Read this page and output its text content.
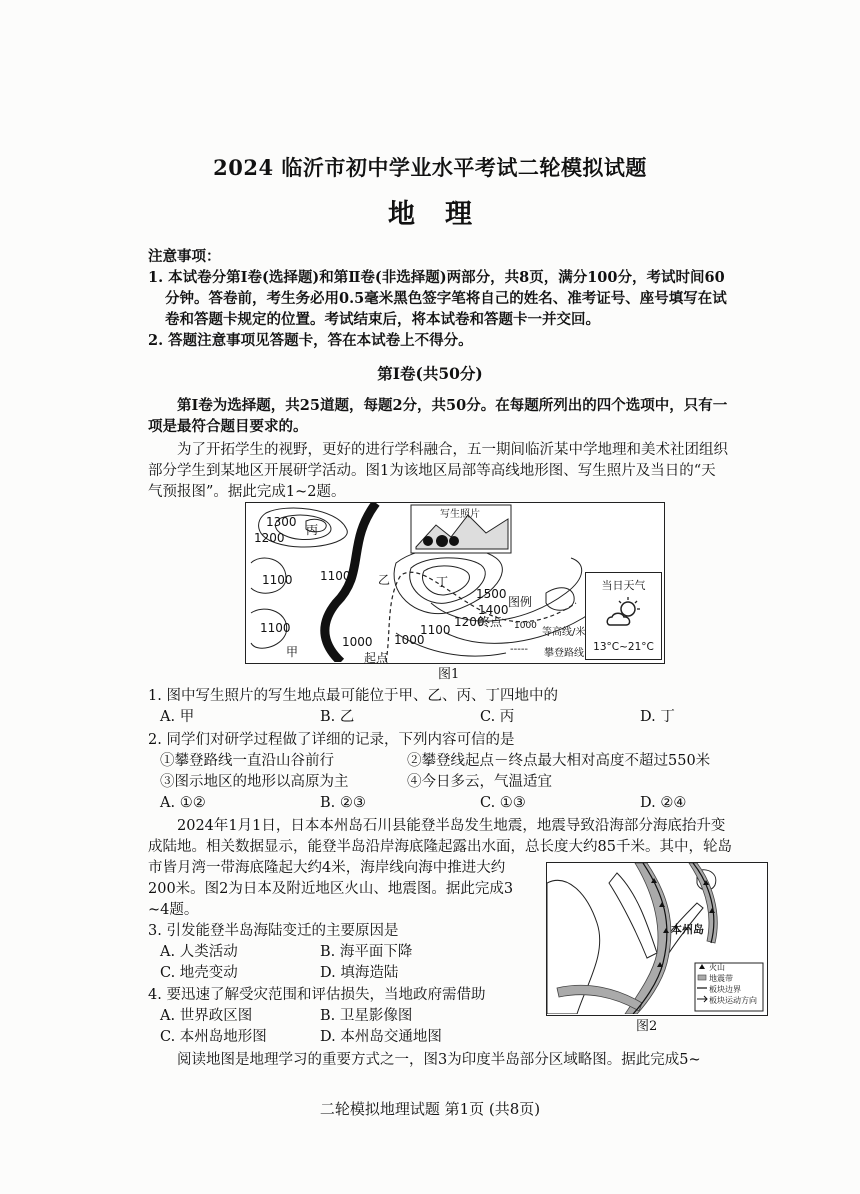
2024 临沂市初中学业水平考试二轮模拟试题
地理
注意事项：
1. 本试卷分第Ⅰ卷(选择题)和第Ⅱ卷(非选择题)两部分，共8页，满分100分，考试时间60
分钟。答卷前，考生务必用0.5毫米黑色签字笔将自己的姓名、准考证号、座号填写在试
卷和答题卡规定的位置。考试结束后，将本试卷和答题卡一并交回。
2. 答题注意事项见答题卡，答在本试卷上不得分。
第Ⅰ卷(共50分)
第Ⅰ卷为选择题，共25道题，每题2分，共50分。在每题所列出的四个选项中，只有一
项是最符合题目要求的。
为了开拓学生的视野，更好的进行学科融合，五一期间临沂某中学地理和美术社团组织
部分学生到某地区开展研学活动。图1为该地区局部等高线地形图、写生照片及当日的“天
气预报图”。据此完成1~2题。
1300
1200
1100
1100
1100
1000
1000
1100
1200
1400
1500
丙
甲
乙	丁
起点
终点
写生照片
图例
1000
等高线/米
----- 攀登路线
图1
当日天气
13°C~21°C
1. 图中写生照片的写生地点最可能位于甲、乙、丙、丁四地中的
A. 甲	B. 乙	C. 丙	D. 丁
2. 同学们对研学过程做了详细的记录，下列内容可信的是
①攀登路线一直沿山谷前行	②攀登线起点－终点最大相对高度不超过550米
③图示地区的地形以高原为主	④今日多云，气温适宜
A. ①②	B. ②③	C. ①③	D. ②④
2024年1月1日，日本本州岛石川县能登半岛发生地震，地震导致沿海部分海底抬升变
成陆地。相关数据显示，能登半岛沿岸海底隆起露出水面，总长度大约85千米。其中，轮岛
市皆月湾一带海底隆起大约4米，海岸线向海中推进大约
200米。图2为日本及附近地区火山、地震图。据此完成3
~4题。
本州岛
火山
地震带
板块边界
板块运动方向
图2
3. 引发能登半岛海陆变迁的主要原因是
A. 人类活动	B. 海平面下降
C. 地壳变动	D. 填海造陆
4. 要迅速了解受灾范围和评估损失，当地政府需借助
A. 世界政区图	B. 卫星影像图
C. 本州岛地形图	D. 本州岛交通地图
阅读地图是地理学习的重要方式之一，图3为印度半岛部分区域略图。据此完成5~
二轮模拟地理试题 第1页 (共8页)
